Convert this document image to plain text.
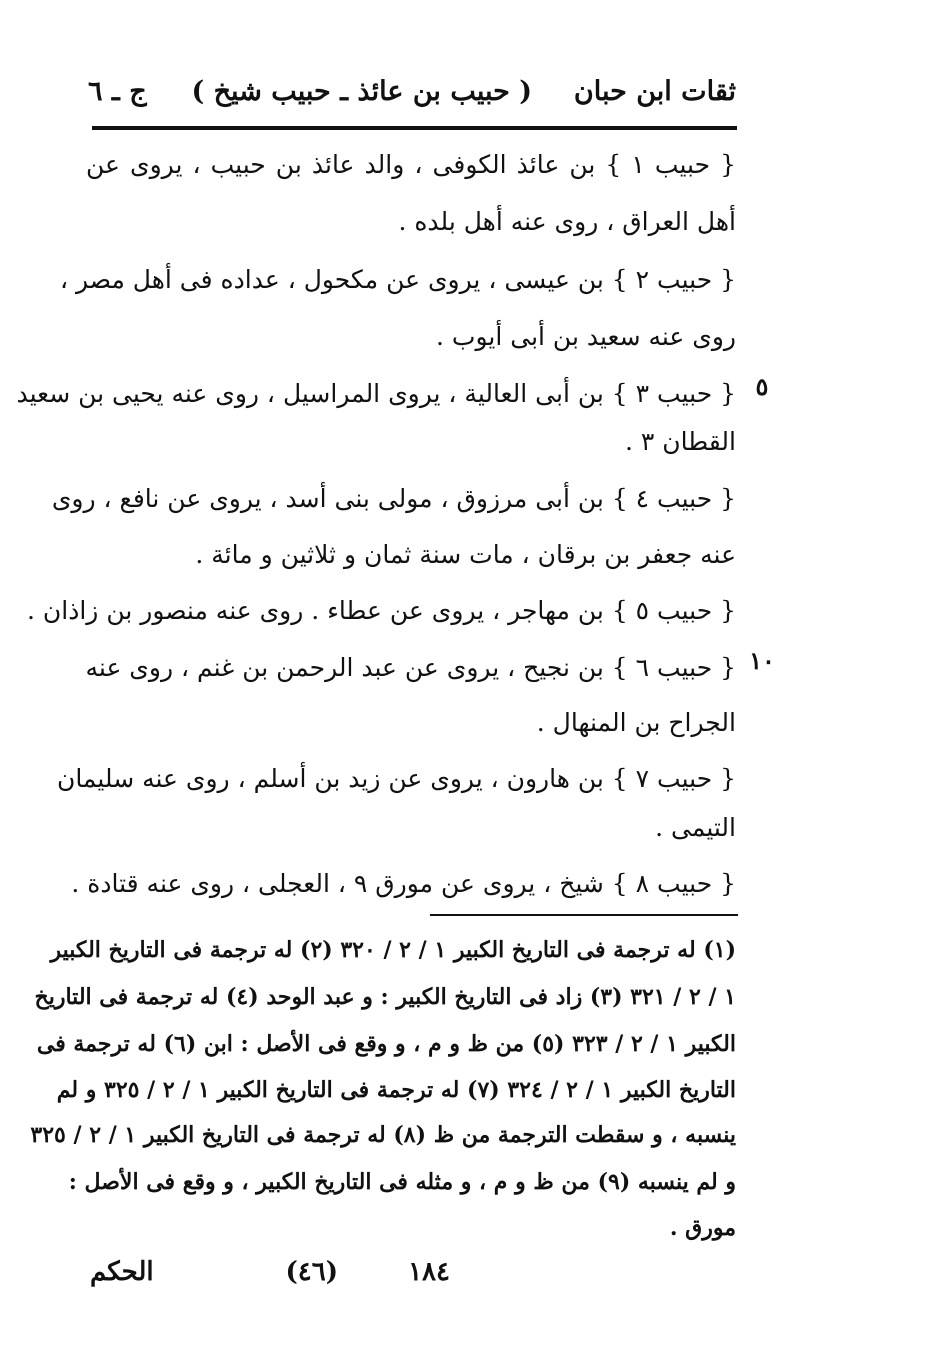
ثقات ابن حبان
( حبيب بن عائذ ـ حبيب شيخ )
ج ـ ٦
{ حبيب ١ } بن عائذ الكوفى ، والد عائذ بن حبيب ، يروى عن
أهل العراق ، روى عنه أهل بلده .
{ حبيب ٢ } بن عيسى ، يروى عن مكحول ، عداده فى أهل مصر ،
روى عنه سعيد بن أبى أيوب .
{ حبيب ٣ } بن أبى العالية ، يروى المراسيل ، روى عنه يحيى بن سعيد ٥
القطان ٣ .
{ حبيب ٤ } بن أبى مرزوق ، مولى بنى أسد ، يروى عن نافع ، روى
عنه جعفر بن برقان ، مات سنة ثمان و ثلاثين و مائة .
{ حبيب ٥ } بن مهاجر ، يروى عن عطاء . روى عنه منصور بن زاذان .
{ حبيب ٦ } بن نجيح ، يروى عن عبد الرحمن بن غنم ، روى عنه ١٠
الجراح بن المنهال .
{ حبيب ٧ } بن هارون ، يروى عن زيد بن أسلم ، روى عنه سليمان
التيمى .
{ حبيب ٨ } شيخ ، يروى عن مورق ٩ ، العجلى ، روى عنه قتادة .
(١) له ترجمة فى التاريخ الكبير ١ / ٢ / ٣٢٠ (٢) له ترجمة فى التاريخ الكبير
١ / ٢ / ٣٢١ (٣) زاد فى التاريخ الكبير : و عبد الوحد (٤) له ترجمة فى التاريخ
الكبير ١ / ٢ / ٣٢٣ (٥) من ظ و م ، و وقع فى الأصل : ابن (٦) له ترجمة فى
التاريخ الكبير ١ / ٢ / ٣٢٤ (٧) له ترجمة فى التاريخ الكبير ١ / ٢ / ٣٢٥ و لم
ينسبه ، و سقطت الترجمة من ظ (٨) له ترجمة فى التاريخ الكبير ١ / ٢ / ٣٢٥
و لم ينسبه (٩) من ظ و م ، و مثله فى التاريخ الكبير ، و وقع فى الأصل :
مورق .
١٨٤
(٤٦)
الحكم
